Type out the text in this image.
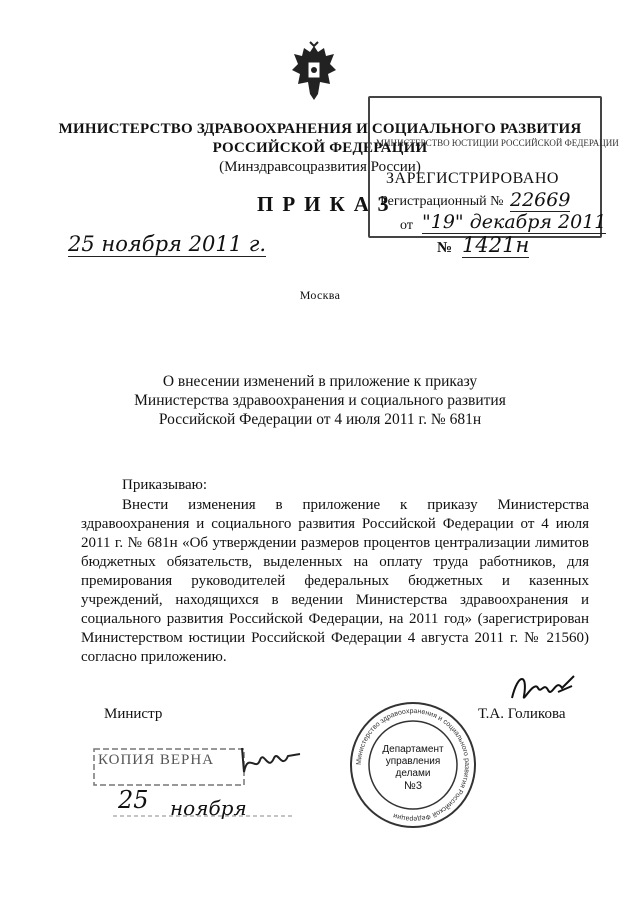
МИНИСТЕРСТВО ЗДРАВООХРАНЕНИЯ И СОЦИАЛЬНОГО РАЗВИТИЯ
РОССИЙСКОЙ ФЕДЕРАЦИИ
(Минздравсоцразвития России)
ПРИКАЗ
МИНИСТЕРСТВО ЮСТИЦИИ РОССИЙСКОЙ ФЕДЕРАЦИИ
ЗАРЕГИСТРИРОВАНО
Регистрационный № 22669
от "19" декабря 2011
25 ноября 2011 г.	№ 1421н
Москва
О внесении изменений в приложение к приказу
Министерства здравоохранения и социального развития
Российской Федерации от 4 июля 2011 г. № 681н
Приказываю:

Внести изменения в приложение к приказу Министерства здравоохранения и социального развития Российской Федерации от 4 июля 2011 г. № 681н «Об утверждении размеров процентов централизации лимитов бюджетных обязательств, выделенных на оплату труда работников, для премирования руководителей федеральных бюджетных и казенных учреждений, находящихся в ведении Министерства здравоохранения и социального развития Российской Федерации, на 2011 год» (зарегистрирован Министерством юстиции Российской Федерации 4 августа 2011 г. № 21560) согласно приложению.

Министр	Т.А. Голикова
КОПИЯ ВЕРНА
25 ноября
Министерство здравоохранения и социального развития Российской Федерации
Департамент
управления
делами
№3
